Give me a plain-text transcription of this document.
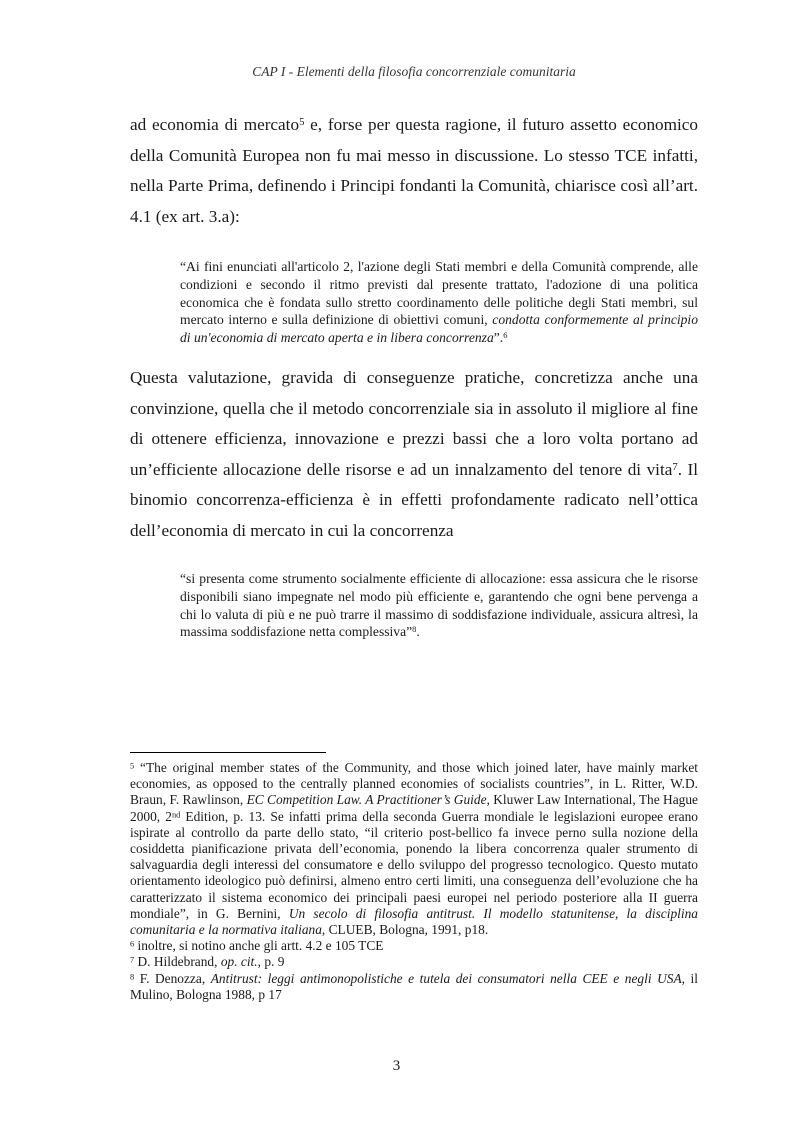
CAP I - Elementi della filosofia concorrenziale comunitaria

ad economia di mercato$^5$ e, forse per questa ragione, il futuro assetto economico della Comunità Europea non fu mai messo in discussione. Lo stesso TCE infatti, nella Parte Prima, definendo i Principi fondanti la Comunità, chiarisce così all’art. 4.1 (ex art. 3.a):

“Ai fini enunciati all'articolo 2, l'azione degli Stati membri e della Comunità comprende, alle condizioni e secondo il ritmo previsti dal presente trattato, l'adozione di una politica economica che è fondata sullo stretto coordinamento delle politiche degli Stati membri, sul mercato interno e sulla definizione di obiettivi comuni, condotta conformemente al principio di un'economia di mercato aperta e in libera concorrenza”.$^6$

Questa valutazione, gravida di conseguenze pratiche, concretizza anche una convinzione, quella che il metodo concorrenziale sia in assoluto il migliore al fine di ottenere efficienza, innovazione e prezzi bassi che a loro volta portano ad un’efficiente allocazione delle risorse e ad un innalzamento del tenore di vita$^7$. Il binomio concorrenza-efficienza è in effetti profondamente radicato nell’ottica dell’economia di mercato in cui la concorrenza

“si presenta come strumento socialmente efficiente di allocazione: essa assicura che le risorse disponibili siano impegnate nel modo più efficiente e, garantendo che ogni bene pervenga a chi lo valuta di più e ne può trarre il massimo di soddisfazione individuale, assicura altresì, la massima soddisfazione netta complessiva”$^8$.

$^5$ “The original member states of the Community, and those which joined later, have mainly market economies, as opposed to the centrally planned economies of socialists countries”, in L. Ritter, W.D. Braun, F. Rawlinson, EC Competition Law. A Practitioner’s Guide, Kluwer Law International, The Hague 2000, 2nd Edition, p. 13. Se infatti prima della seconda Guerra mondiale le legislazioni europee erano ispirate al controllo da parte dello stato, “il criterio post-bellico fa invece perno sulla nozione della cosiddetta pianificazione privata dell’economia, ponendo la libera concorrenza qualer strumento di salvaguardia degli interessi del consumatore e dello sviluppo del progresso tecnologico. Questo mutato orientamento ideologico può definirsi, almeno entro certi limiti, una conseguenza dell’evoluzione che ha caratterizzato il sistema economico dei principali paesi europei nel periodo posteriore alla II guerra mondiale”, in G. Bernini, Un secolo di filosofia antitrust. Il modello statunitense, la disciplina comunitaria e la normativa italiana, CLUEB, Bologna, 1991, p18.

$^6$ inoltre, si notino anche gli artt. 4.2 e 105 TCE

$^7$ D. Hildebrand, op. cit., p. 9

$^8$ F. Denozza, Antitrust: leggi antimonopolistiche e tutela dei consumatori nella CEE e negli USA, il Mulino, Bologna 1988, p 17

3
